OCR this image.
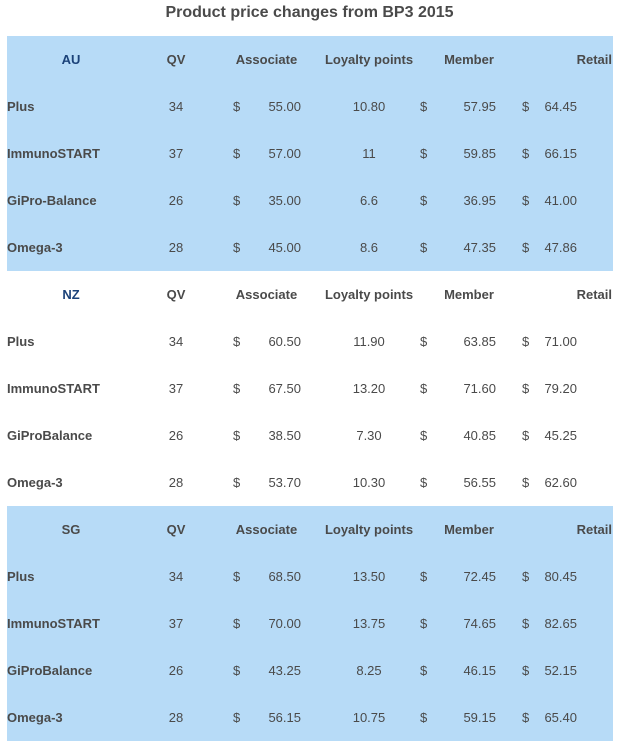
Product price changes from BP3 2015
AU	QV	Associate	Loyalty points	Member	Retail
Plus	34	$	55.00	10.80	$	57.95 $	64.45
ImmunoSTART	37	$	57.00	11	$	59.85 $	66.15
GiPro-Balance	26	$	35.00	6.6	$	36.95 $	41.00
Omega-3	28	$	45.00	8.6	$	47.35 $	47.86
NZ	QV	Associate	Loyalty points	Member	Retail
Plus	34	$	60.50	11.90	$	63.85 $	71.00
ImmunoSTART	37	$	67.50	13.20	$	71.60 $	79.20
GiProBalance	26	$	38.50	7.30	$	40.85 $	45.25
Omega-3	28	$	53.70	10.30	$	56.55 $	62.60
SG	QV	Associate	Loyalty points	Member	Retail
Plus	34	$	68.50	13.50	$	72.45 $	80.45
ImmunoSTART	37	$	70.00	13.75	$	74.65 $	82.65
GiProBalance	26	$	43.25	8.25	$	46.15 $	52.15
Omega-3	28	$	56.15	10.75	$	59.15 $	65.40
